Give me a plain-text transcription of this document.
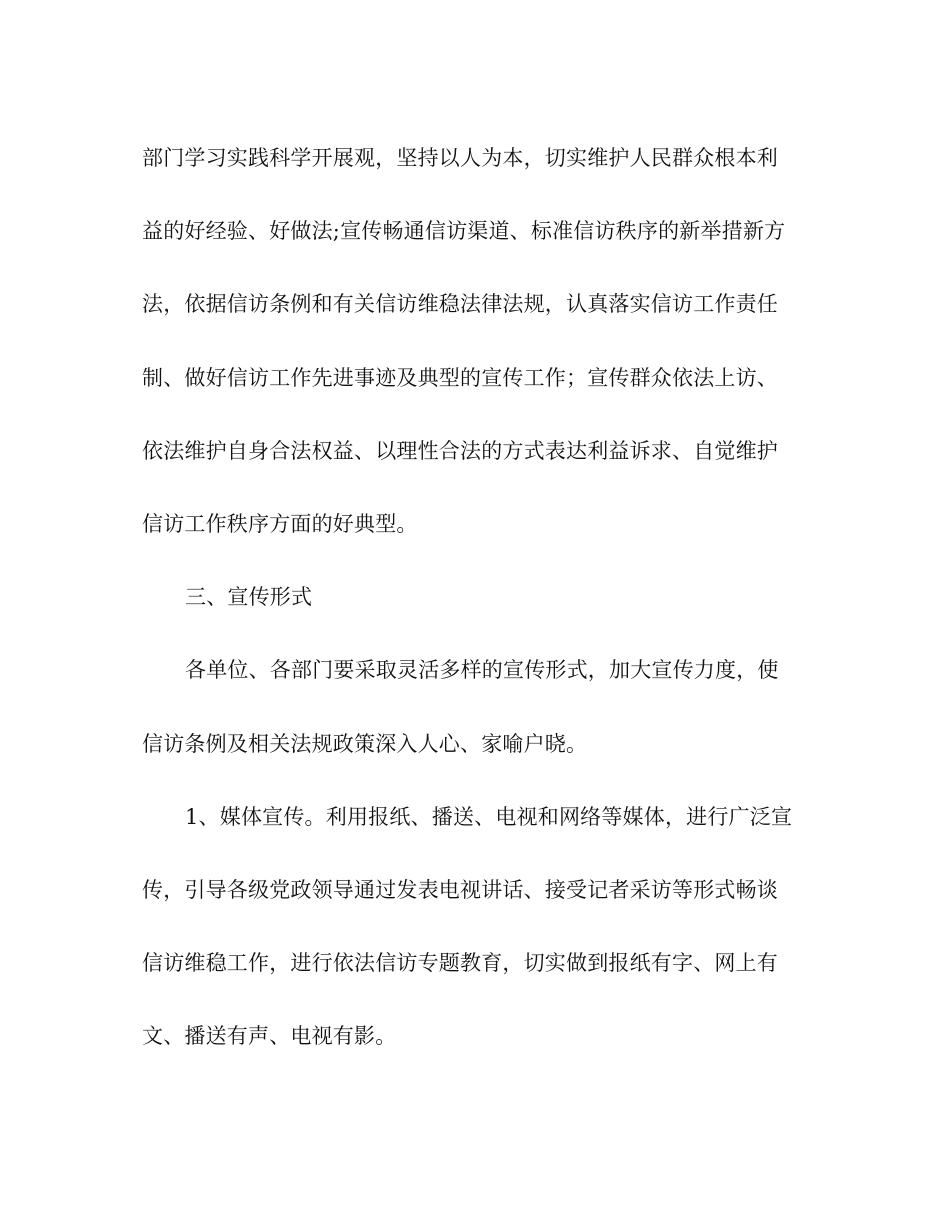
部门学习实践科学开展观，坚持以人为本，切实维护人民群众根本利
益的好经验、好做法;宣传畅通信访渠道、标准信访秩序的新举措新方
法，依据信访条例和有关信访维稳法律法规，认真落实信访工作责任
制、做好信访工作先进事迹及典型的宣传工作；宣传群众依法上访、
依法维护自身合法权益、以理性合法的方式表达利益诉求、自觉维护
信访工作秩序方面的好典型。
三、宣传形式
各单位、各部门要采取灵活多样的宣传形式，加大宣传力度，使
信访条例及相关法规政策深入人心、家喻户晓。
1、媒体宣传。利用报纸、播送、电视和网络等媒体，进行广泛宣
传，引导各级党政领导通过发表电视讲话、接受记者采访等形式畅谈
信访维稳工作，进行依法信访专题教育，切实做到报纸有字、网上有
文、播送有声、电视有影。
